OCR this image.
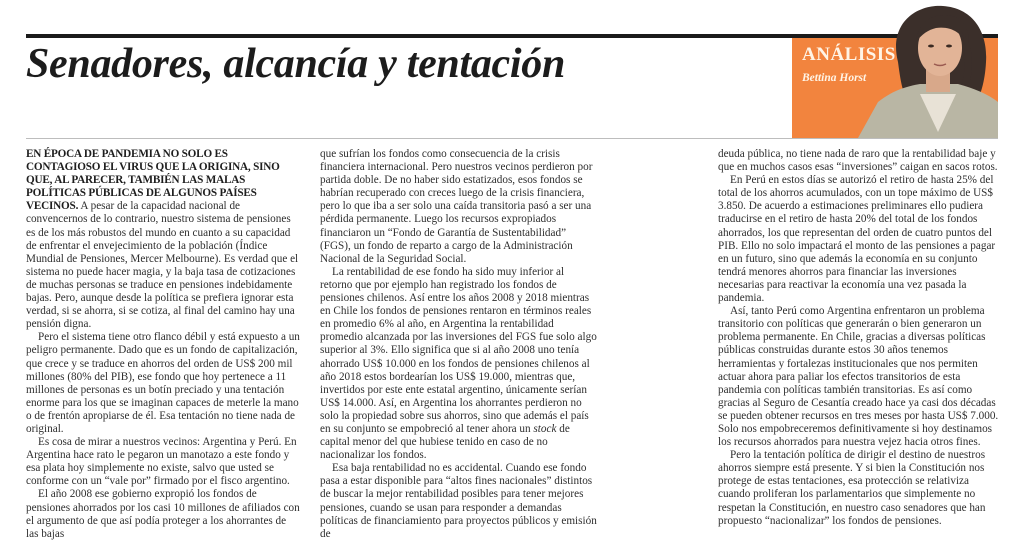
Senadores, alcancía y tentación	ANÁLISIS
Bettina Horst

EN ÉPOCA DE PANDEMIA NO SOLO ES CONTAGIOSO EL VIRUS QUE LA ORIGINA, SINO QUE, AL PARECER, TAMBIÉN LAS MALAS POLÍTICAS PÚBLICAS DE ALGUNOS PAÍSES VECINOS. A pesar de la capacidad nacional de convencernos de lo contrario, nuestro sistema de pensiones es de los más robustos del mundo en cuanto a su capacidad de enfrentar el envejecimiento de la población (Índice Mundial de Pensiones, Mercer Melbourne). Es verdad que el sistema no puede hacer magia, y la baja tasa de cotizaciones de muchas personas se traduce en pensiones indebidamente bajas. Pero, aunque desde la política se prefiera ignorar esta verdad, si se ahorra, si se cotiza, al final del camino hay una pensión digna.

Pero el sistema tiene otro flanco débil y está expuesto a un peligro permanente. Dado que es un fondo de capitalización, que crece y se traduce en ahorros del orden de US$ 200 mil millones (80% del PIB), ese fondo que hoy pertenece a 11 millones de personas es un botín preciado y una tentación enorme para los que se imaginan capaces de meterle la mano o de frentón apropiarse de él. Esa tentación no tiene nada de original.

Es cosa de mirar a nuestros vecinos: Argentina y Perú. En Argentina hace rato le pegaron un manotazo a este fondo y esa plata hoy simplemente no existe, salvo que usted se conforme con un “vale por” firmado por el fisco argentino.

El año 2008 ese gobierno expropió los fondos de pensiones ahorrados por los casi 10 millones de afiliados con el argumento de que así podía proteger a los ahorrantes de las bajas

que sufrían los fondos como consecuencia de la crisis financiera internacional. Pero nuestros vecinos perdieron por partida doble. De no haber sido estatizados, esos fondos se habrían recuperado con creces luego de la crisis financiera, pero lo que iba a ser solo una caída transitoria pasó a ser una pérdida permanente. Luego los recursos expropiados financiaron un “Fondo de Garantía de Sustentabilidad” (FGS), un fondo de reparto a cargo de la Administración Nacional de la Seguridad Social.

La rentabilidad de ese fondo ha sido muy inferior al retorno que por ejemplo han registrado los fondos de pensiones chilenos. Así entre los años 2008 y 2018 mientras en Chile los fondos de pensiones rentaron en términos reales en promedio 6% al año, en Argentina la rentabilidad promedio alcanzada por las inversiones del FGS fue solo algo superior al 3%. Ello significa que si al año 2008 uno tenía ahorrado US$ 10.000 en los fondos de pensiones chilenos al año 2018 estos bordearían los US$ 19.000, mientras que, invertidos por este ente estatal argentino, únicamente serían US$ 14.000. Así, en Argentina los ahorrantes perdieron no solo la propiedad sobre sus ahorros, sino que además el país en su conjunto se empobreció al tener ahora un stock de capital menor del que hubiese tenido en caso de no nacionalizar los fondos.

Esa baja rentabilidad no es accidental. Cuando ese fondo pasa a estar disponible para “altos fines nacionales” distintos de buscar la mejor rentabilidad posibles para tener mejores pensiones, cuando se usan para responder a demandas políticas de financiamiento para proyectos públicos y emisión de

deuda pública, no tiene nada de raro que la rentabilidad baje y que en muchos casos esas “inversiones” caigan en sacos rotos.

En Perú en estos días se autorizó el retiro de hasta 25% del total de los ahorros acumulados, con un tope máximo de US$ 3.850. De acuerdo a estimaciones preliminares ello pudiera traducirse en el retiro de hasta 20% del total de los fondos ahorrados, los que representan del orden de cuatro puntos del PIB. Ello no solo impactará el monto de las pensiones a pagar en un futuro, sino que además la economía en su conjunto tendrá menores ahorros para financiar las inversiones necesarias para reactivar la economía una vez pasada la pandemia.

Así, tanto Perú como Argentina enfrentaron un problema transitorio con políticas que generarán o bien generaron un problema permanente. En Chile, gracias a diversas políticas públicas construidas durante estos 30 años tenemos herramientas y fortalezas institucionales que nos permiten actuar ahora para paliar los efectos transitorios de esta pandemia con políticas también transitorias. Es así como gracias al Seguro de Cesantía creado hace ya casi dos décadas se pueden obtener recursos en tres meses por hasta US$ 7.000. Solo nos empobreceremos definitivamente si hoy destinamos los recursos ahorrados para nuestra vejez hacia otros fines.

Pero la tentación política de dirigir el destino de nuestros ahorros siempre está presente. Y si bien la Constitución nos protege de estas tentaciones, esa protección se relativiza cuando proliferan los parlamentarios que simplemente no respetan la Constitución, en nuestro caso senadores que han propuesto “nacionalizar” los fondos de pensiones.
